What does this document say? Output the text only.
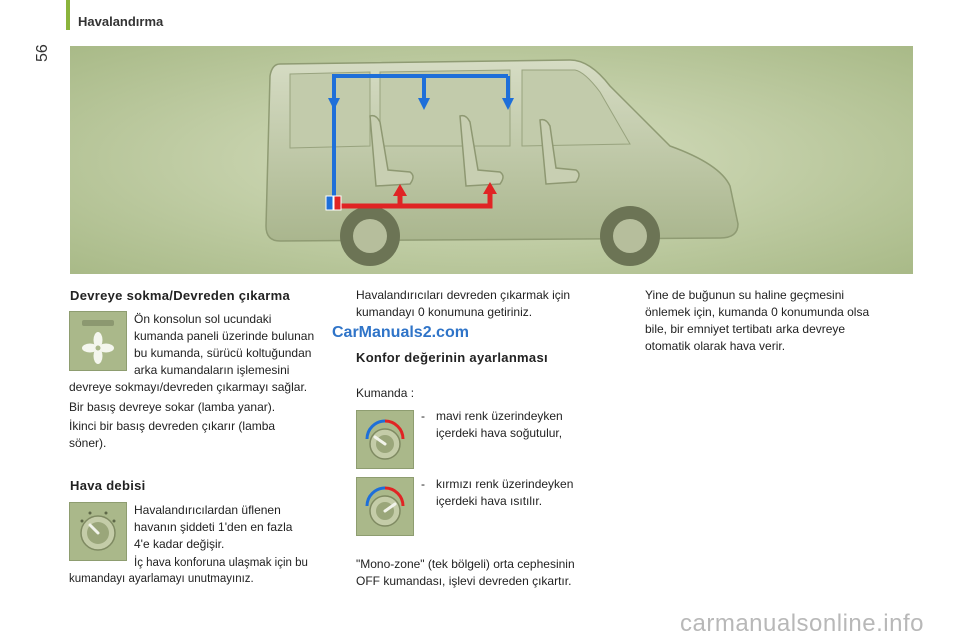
Havalandırma
56
Devreye sokma/Devreden çıkarma
Ön konsolun sol ucundaki
kumanda paneli üzerinde bulunan
bu kumanda, sürücü koltuğundan
arka kumandaların işlemesini
devreye sokmayı/devreden çıkarmayı sağlar.
Bir basış devreye sokar (lamba yanar).
İkinci bir basış devreden çıkarır (lamba
söner).
Hava debisi
Havalandırıcılardan üflenen
havanın şiddeti 1'den en fazla
4'e kadar değişir.
İç hava konforuna ulaşmak için bu
kumandayı ayarlamayı unutmayınız.
CarManuals2.com
Havalandırıcıları devreden çıkarmak için
kumandayı 0 konumuna getiriniz.
Konfor değerinin ayarlanması
Kumanda :
- mavi renk üzerindeyken
içerdeki hava soğutulur,
- kırmızı renk üzerindeyken
içerdeki hava ısıtılır.
"Mono-zone" (tek bölgeli) orta cephesinin
OFF kumandası, işlevi devreden çıkartır.
Yine de buğunun su haline geçmesini
önlemek için, kumanda 0 konumunda olsa
bile, bir emniyet tertibatı arka devreye
otomatik olarak hava verir.
carmanualsonline.info
